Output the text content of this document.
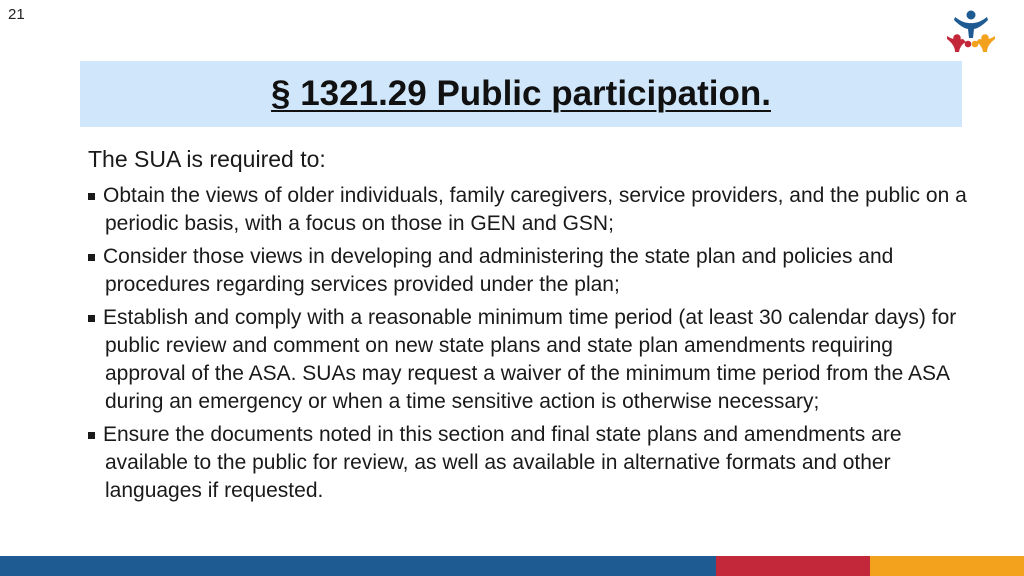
21
§ 1321.29 Public participation.

The SUA is required to:

Obtain the views of older individuals, family caregivers, service providers, and the public on a periodic basis, with a focus on those in GEN and GSN;
Consider those views in developing and administering the state plan and policies and procedures regarding services provided under the plan;
Establish and comply with a reasonable minimum time period (at least 30 calendar days) for public review and comment on new state plans and state plan amendments requiring approval of the ASA. SUAs may request a waiver of the minimum time period from the ASA during an emergency or when a time sensitive action is otherwise necessary;
Ensure the documents noted in this section and final state plans and amendments are available to the public for review, as well as available in alternative formats and other languages if requested.
